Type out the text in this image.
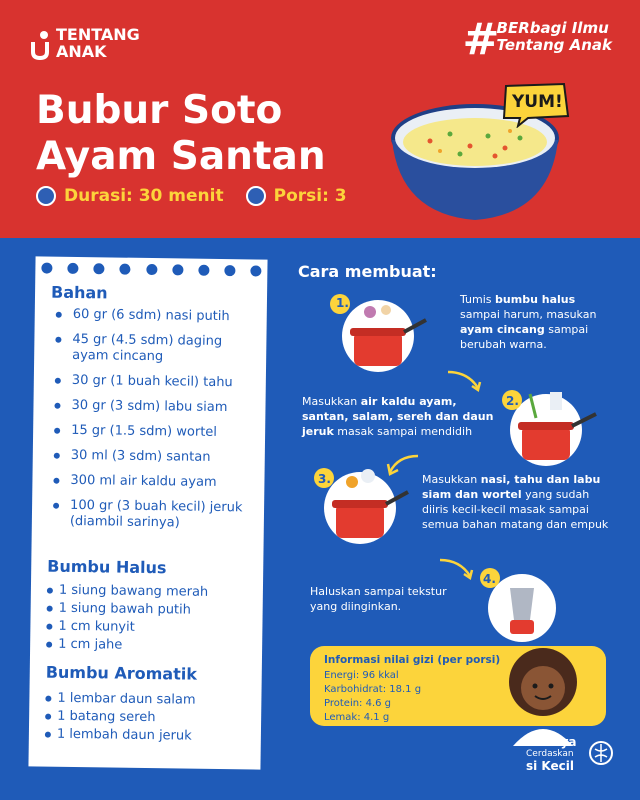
TENTANG
ANAK	#
BERbagi Ilmu
Tentang Anak
Bubur Soto
Ayam Santan
Durasi: 30 menit	Porsi: 3
YUM!
Bahan
60 gr (6 sdm) nasi putih
45 gr (4.5 sdm) daging ayam cincang
30 gr (1 buah kecil) tahu
30 gr (3 sdm) labu siam
15 gr (1.5 sdm) wortel
30 ml (3 sdm) santan
300 ml air kaldu ayam
100 gr (3 buah kecil) jeruk (diambil sarinya)
Bumbu Halus
1 siung bawang merah
1 siung bawah putih
1 cm kunyit
1 cm jahe
Bumbu Aromatik
1 lembar daun salam
1 batang sereh
1 lembah daun jeruk
Cara membuat:
1.	Tumis bumbu halus sampai harum, masukan ayam cincang sampai berubah warna.
2.
Masukkan air kaldu ayam, santan, salam, sereh dan daun jeruk masak sampai mendidih
3.	Masukkan nasi, tahu dan labu siam dan wortel yang sudah diiris kecil-kecil masak sampai semua bahan matang dan empuk
4.
Haluskan sampai tekstur yang diinginkan.
Informasi nilai gizi (per porsi)
Energi: 96 kkal
Karbohidrat: 18.1 g
Protein: 4.6 g
Lemak: 4.1 g
Ahlinya
Cerdaskan
si Kecil
